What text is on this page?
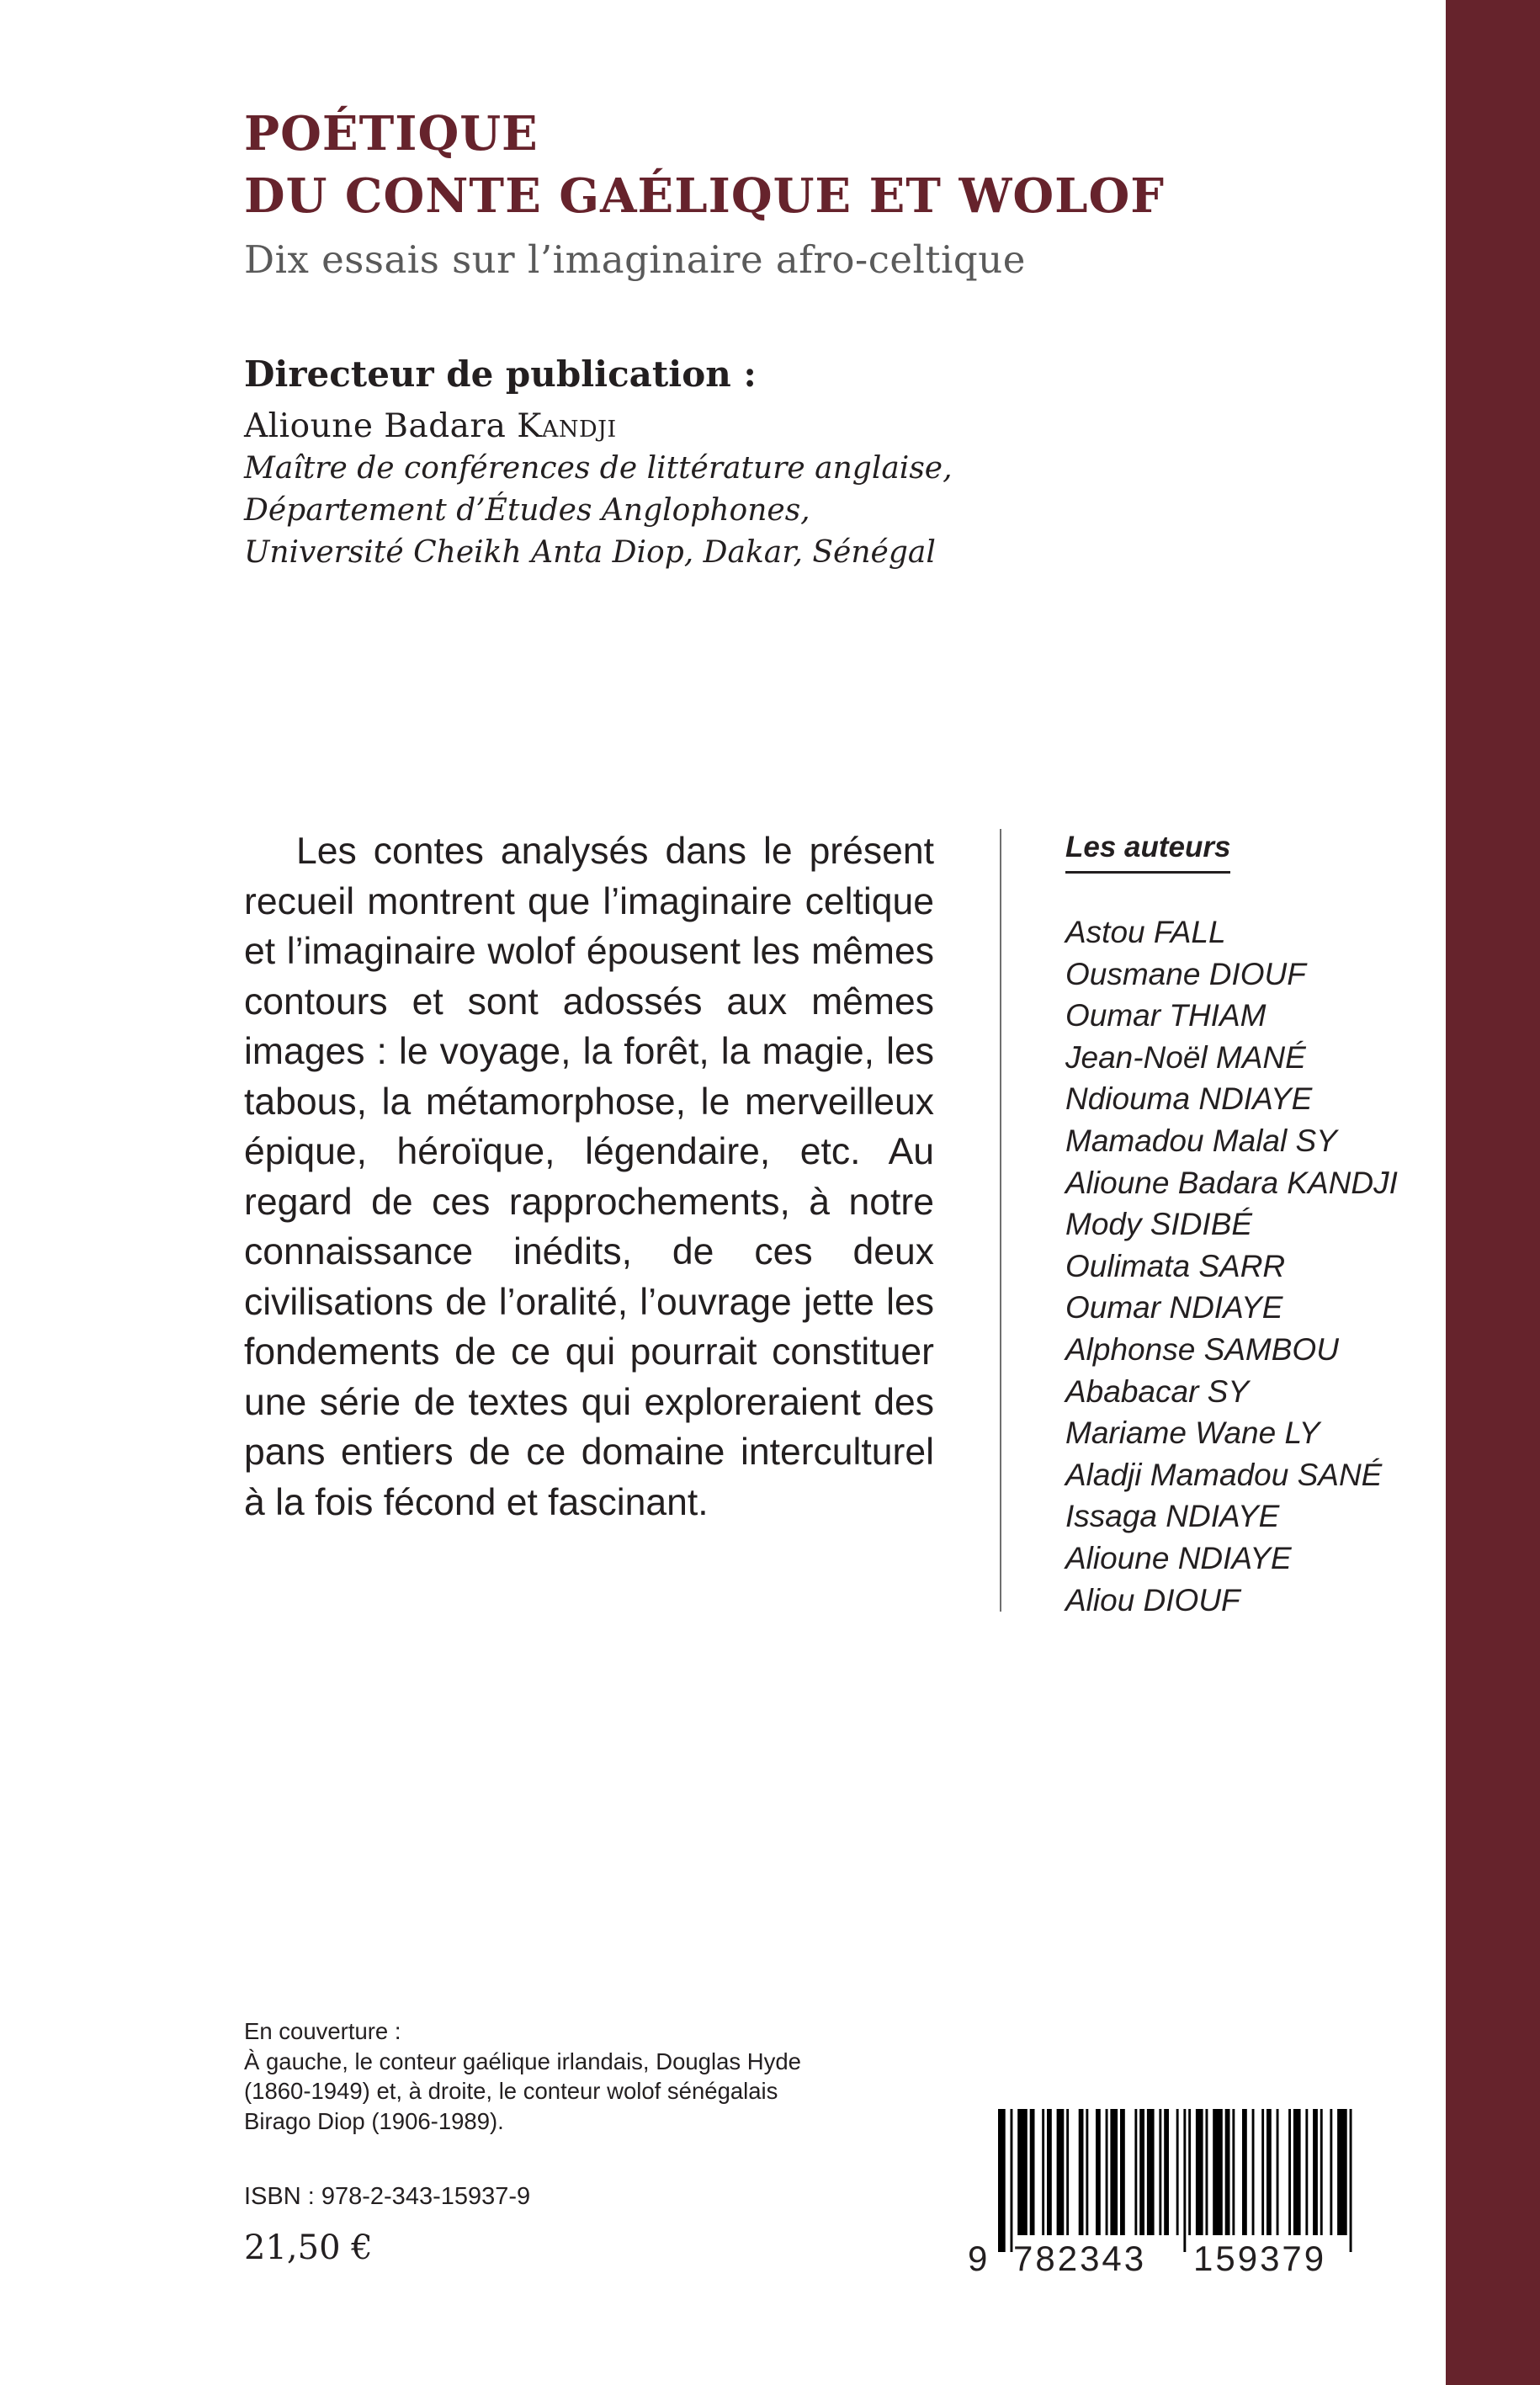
POÉTIQUE
DU CONTE GAÉLIQUE ET WOLOF
Dix essais sur l’imaginaire afro-celtique
Directeur de publication :
Alioune Badara Kandji
Maître de conférences de littérature anglaise,
Département d’Études Anglophones,
Université Cheikh Anta Diop, Dakar, Sénégal

Les contes analysés dans le présent recueil montrent que l’imaginaire celtique et l’imaginaire wolof épousent les mêmes contours et sont adossés aux mêmes images : le voyage, la forêt, la magie, les tabous, la métamorphose, le merveilleux épique, héroïque, légendaire, etc. Au regard de ces rapprochements, à notre connaissance inédits, de ces deux civilisations de l’oralité, l’ouvrage jette les fondements de ce qui pourrait constituer une série de textes qui exploreraient des pans entiers de ce domaine interculturel à la fois fécond et fascinant.

Les auteurs
Astou FALL
Ousmane DIOUF
Oumar THIAM
Jean-Noël MANÉ
Ndiouma NDIAYE
Mamadou Malal SY
Alioune Badara KANDJI
Mody SIDIBÉ
Oulimata SARR
Oumar NDIAYE
Alphonse SAMBOU
Ababacar SY
Mariame Wane LY
Aladji Mamadou SANÉ
Issaga NDIAYE
Alioune NDIAYE
Aliou DIOUF
En couverture :
À gauche, le conteur gaélique irlandais, Douglas Hyde
(1860-1949) et, à droite, le conteur wolof sénégalais
Birago Diop (1906-1989).
ISBN : 978-2-343-15937-9
21,50 €	9 782343 159379
